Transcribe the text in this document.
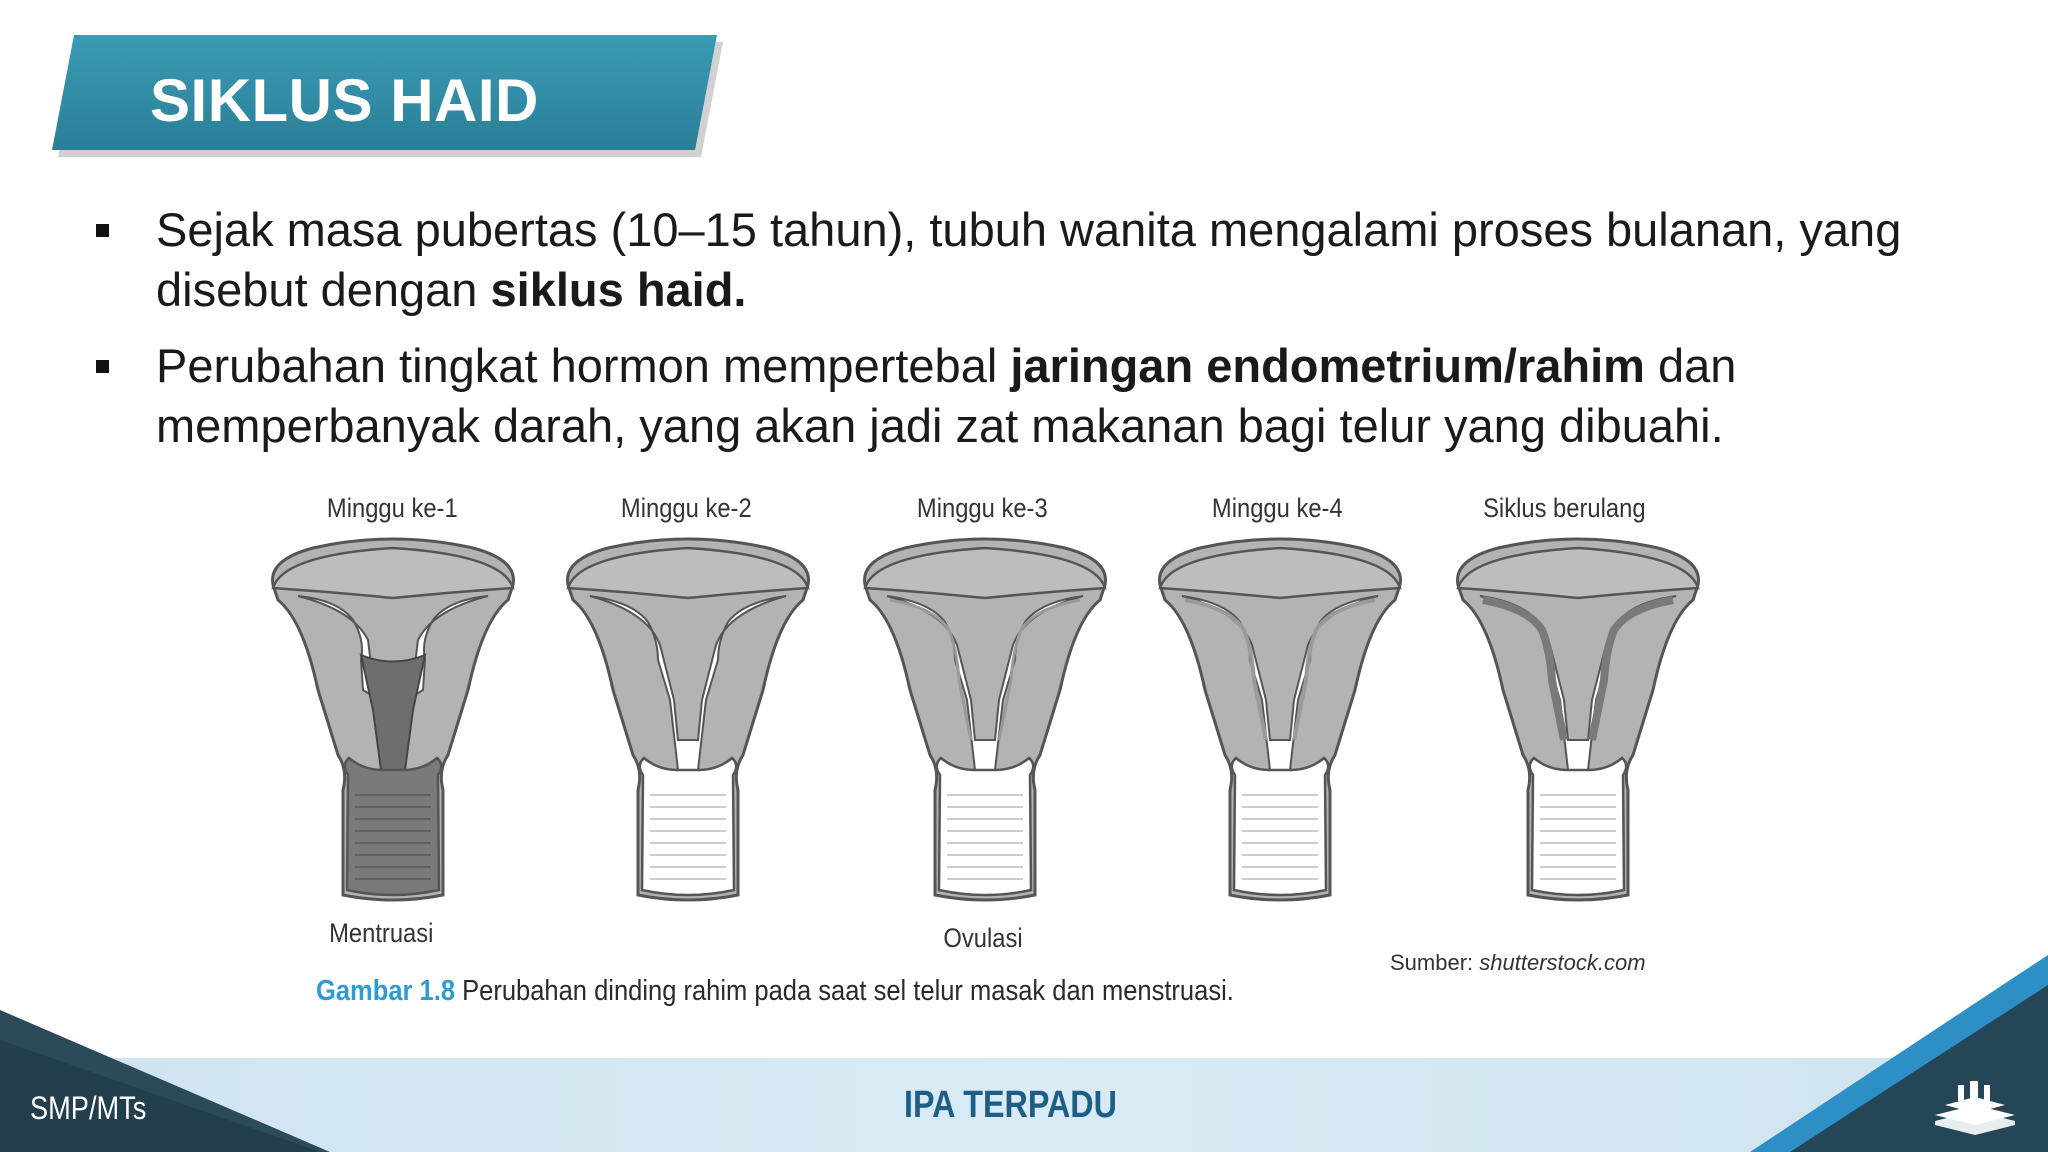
SIKLUS HAID
Sejak masa pubertas (10–15 tahun), tubuh wanita mengalami proses bulanan, yang disebut dengan siklus haid.
Perubahan tingkat hormon mempertebal jaringan endometrium/rahim dan memperbanyak darah, yang akan jadi zat makanan bagi telur yang dibuahi.
Minggu ke-1	Minggu ke-2	Minggu ke-3	Minggu ke-4	Siklus berulang
Mentruasi	Ovulasi
Sumber: shutterstock.com
Gambar 1.8 Perubahan dinding rahim pada saat sel telur masak dan menstruasi.
SMP/MTs	IPA TERPADU
